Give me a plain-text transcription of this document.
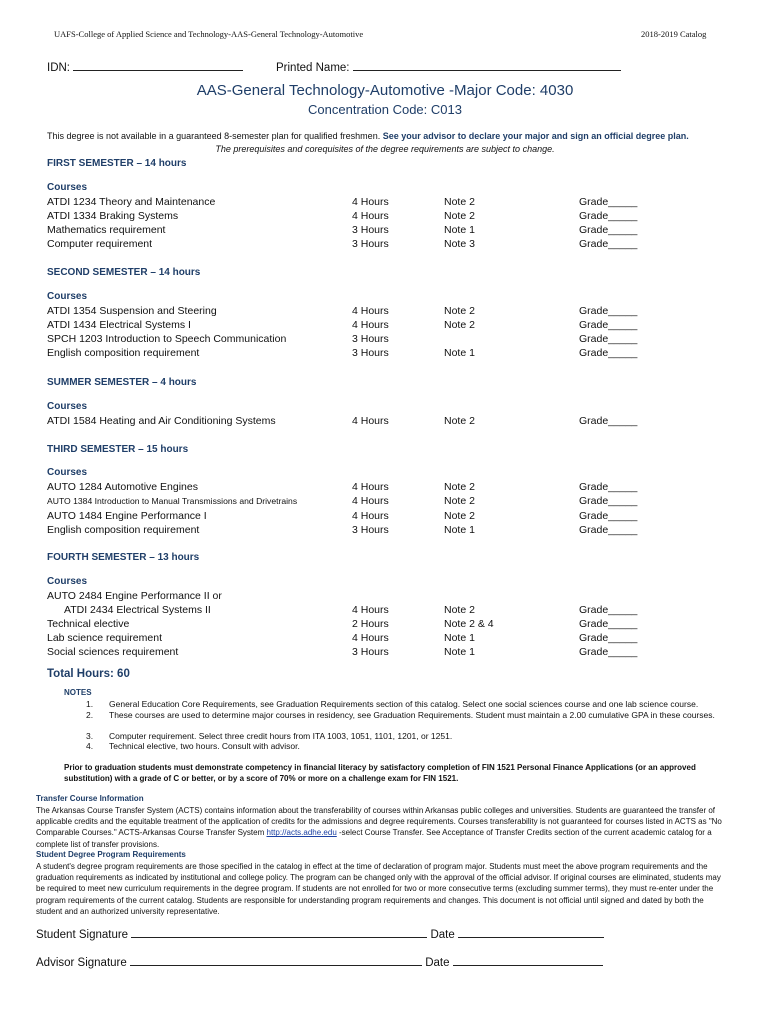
UAFS-College of Applied Science and Technology-AAS-General Technology-Automotive	2018-2019 Catalog
IDN:	Printed Name:
AAS-General Technology-Automotive -Major Code: 4030
Concentration Code: C013
This degree is not available in a guaranteed 8-semester plan for qualified freshmen. See your advisor to declare your major and sign an official degree plan.
The prerequisites and corequisites of the degree requirements are subject to change.
FIRST SEMESTER – 14 hours
Courses
ATDI 1234 Theory and Maintenance	4 Hours	Note 2	Grade_____
ATDI 1334 Braking Systems	4 Hours	Note 2	Grade_____
Mathematics requirement	3 Hours	Note 1	Grade_____
Computer requirement	3 Hours	Note 3	Grade_____
SECOND SEMESTER – 14 hours
Courses
ATDI 1354 Suspension and Steering	4 Hours	Note 2	Grade_____
ATDI 1434 Electrical Systems I	4 Hours	Note 2	Grade_____
SPCH 1203 Introduction to Speech Communication	3 Hours	Grade_____
English composition requirement	3 Hours	Note 1	Grade_____
SUMMER SEMESTER – 4 hours
Courses
ATDI 1584 Heating and Air Conditioning Systems	4 Hours	Note 2	Grade_____
THIRD SEMESTER – 15 hours
Courses
AUTO 1284 Automotive Engines	4 Hours	Note 2	Grade_____
AUTO 1384 Introduction to Manual Transmissions and Drivetrains	4 Hours	Note 2	Grade_____
AUTO 1484 Engine Performance I	4 Hours	Note 2	Grade_____
English composition requirement	3 Hours	Note 1	Grade_____
FOURTH SEMESTER – 13 hours
Courses
AUTO 2484 Engine Performance II or
ATDI 2434 Electrical Systems II	4 Hours	Note 2	Grade_____
Technical elective	2 Hours	Note 2 & 4	Grade_____
Lab science requirement	4 Hours	Note 1	Grade_____
Social sciences requirement	3 Hours	Note 1	Grade_____
Total Hours: 60
NOTES
1. General Education Core Requirements, see Graduation Requirements section of this catalog. Select one social sciences course and one lab science course.
2. These courses are used to determine major courses in residency, see Graduation Requirements. Student must maintain a 2.00 cumulative GPA in these courses.
3. Computer requirement. Select three credit hours from ITA 1003, 1051, 1101, 1201, or 1251.
4. Technical elective, two hours. Consult with advisor.
Prior to graduation students must demonstrate competency in financial literacy by satisfactory completion of FIN 1521 Personal Finance Applications (or an approved substitution) with a grade of C or better, or by a score of 70% or more on a challenge exam for FIN 1521.
Transfer Course Information
The Arkansas Course Transfer System (ACTS) contains information about the transferability of courses within Arkansas public colleges and universities. Students are guaranteed the transfer of applicable credits and the equitable treatment of the application of credits for the admissions and degree requirements. Courses transferability is not guaranteed for courses listed in ACTS as "No Comparable Courses." ACTS-Arkansas Course Transfer System http://acts.adhe.edu -select Course Transfer. See Acceptance of Transfer Credits section of the current academic catalog for a complete list of transfer provisions.
Student Degree Program Requirements
A student's degree program requirements are those specified in the catalog in effect at the time of declaration of program major. Students must meet the above program requirements and the graduation requirements as indicated by institutional and college policy. The program can be changed only with the approval of the official advisor. If original courses are eliminated, students may be required to meet new curriculum requirements in the degree program. If students are not enrolled for two or more consecutive terms (excluding summer terms), they must re-enter under the program requirements of the current catalog. Students are responsible for understanding program requirements and changes. This document is not official until signed and dated by both the student and an authorized university representative.
Student Signature	Date
Advisor Signature	Date
